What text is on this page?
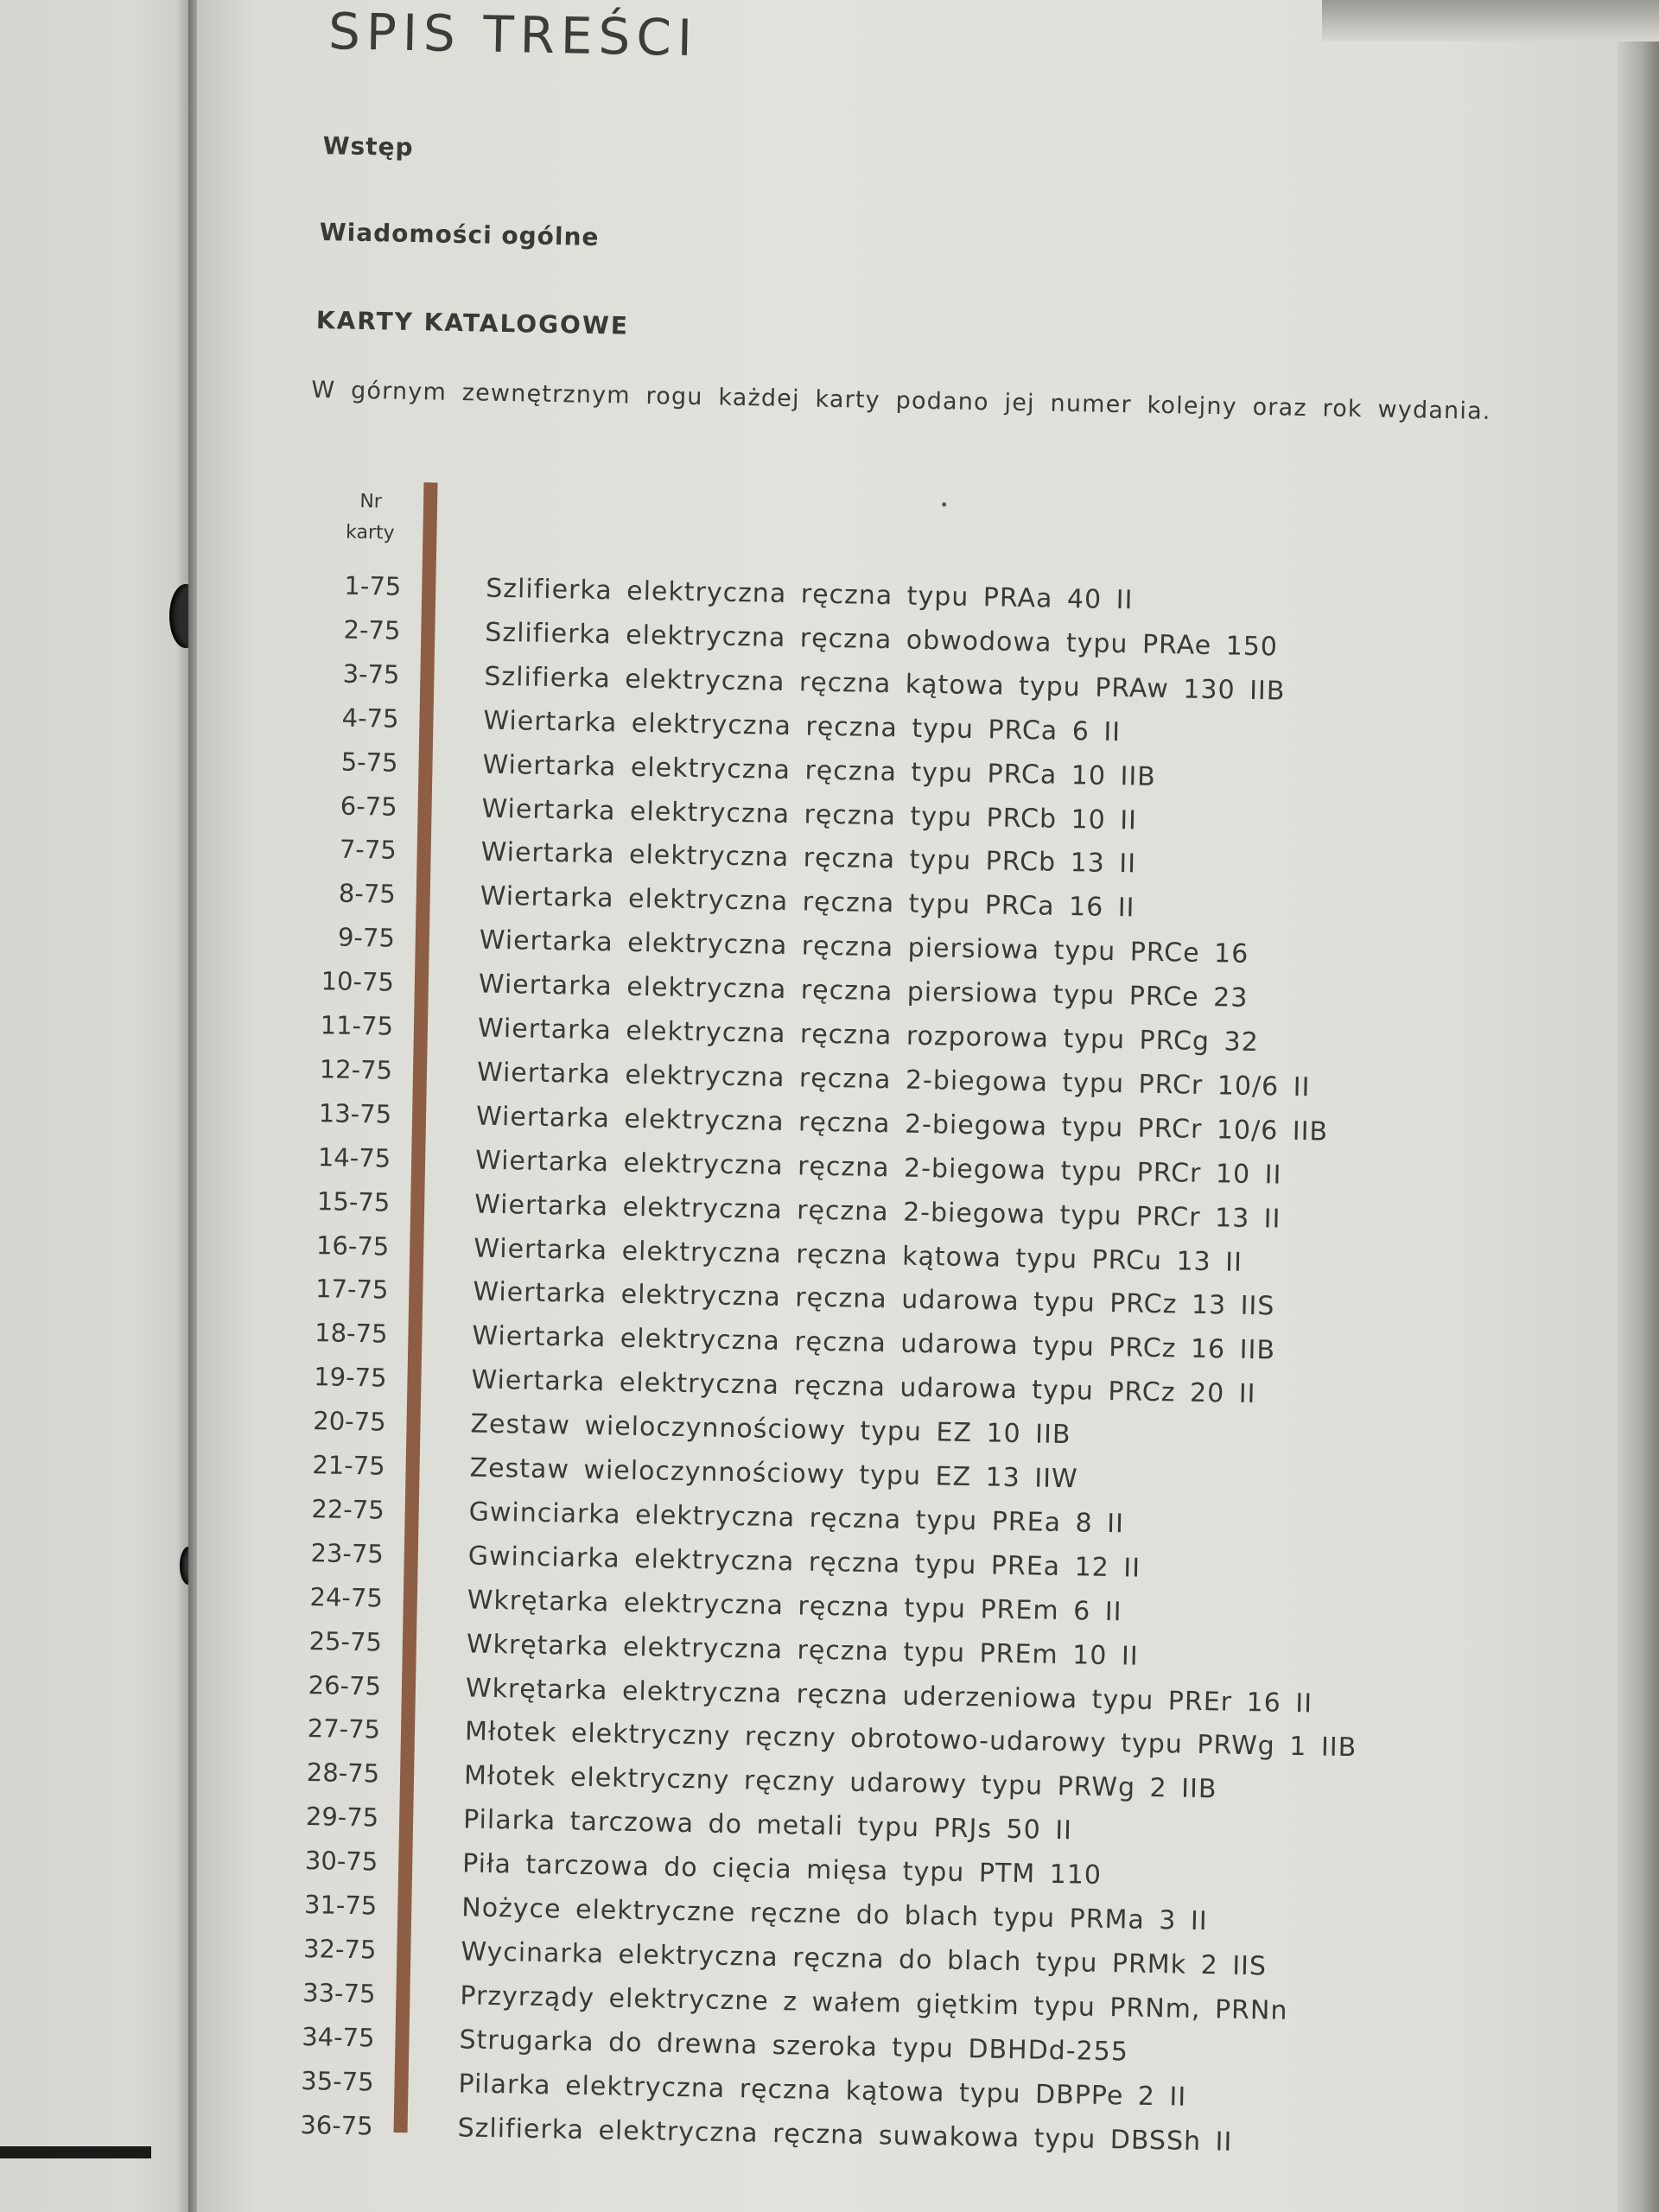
SPIS TREŚCI
Wstęp
Wiadomości ogólne
KARTY KATALOGOWE
W górnym zewnętrznym rogu każdej karty podano jej numer kolejny oraz rok wydania.
Nr
karty
1-75	Szlifierka elektryczna ręczna typu PRAa 40 II
2-75	Szlifierka elektryczna ręczna obwodowa typu PRAe 150
3-75	Szlifierka elektryczna ręczna kątowa typu PRAw 130 IIB
4-75	Wiertarka elektryczna ręczna typu PRCa 6 II
5-75	Wiertarka elektryczna ręczna typu PRCa 10 IIB
6-75	Wiertarka elektryczna ręczna typu PRCb 10 II
7-75	Wiertarka elektryczna ręczna typu PRCb 13 II
8-75	Wiertarka elektryczna ręczna typu PRCa 16 II
9-75	Wiertarka elektryczna ręczna piersiowa typu PRCe 16
10-75	Wiertarka elektryczna ręczna piersiowa typu PRCe 23
11-75	Wiertarka elektryczna ręczna rozporowa typu PRCg 32
12-75	Wiertarka elektryczna ręczna 2-biegowa typu PRCr 10/6 II
13-75	Wiertarka elektryczna ręczna 2-biegowa typu PRCr 10/6 IIB
14-75	Wiertarka elektryczna ręczna 2-biegowa typu PRCr 10 II
15-75	Wiertarka elektryczna ręczna 2-biegowa typu PRCr 13 II
16-75	Wiertarka elektryczna ręczna kątowa typu PRCu 13 II
17-75	Wiertarka elektryczna ręczna udarowa typu PRCz 13 IIS
18-75	Wiertarka elektryczna ręczna udarowa typu PRCz 16 IIB
19-75	Wiertarka elektryczna ręczna udarowa typu PRCz 20 II
20-75	Zestaw wieloczynnościowy typu EZ 10 IIB
21-75	Zestaw wieloczynnościowy typu EZ 13 IIW
22-75	Gwinciarka elektryczna ręczna typu PREa 8 II
23-75	Gwinciarka elektryczna ręczna typu PREa 12 II
24-75	Wkrętarka elektryczna ręczna typu PREm 6 II
25-75	Wkrętarka elektryczna ręczna typu PREm 10 II
26-75	Wkrętarka elektryczna ręczna uderzeniowa typu PREr 16 II
27-75	Młotek elektryczny ręczny obrotowo-udarowy typu PRWg 1 IIB
28-75	Młotek elektryczny ręczny udarowy typu PRWg 2 IIB
29-75	Pilarka tarczowa do metali typu PRJs 50 II
30-75	Piła tarczowa do cięcia mięsa typu PTM 110
31-75	Nożyce elektryczne ręczne do blach typu PRMa 3 II
32-75	Wycinarka elektryczna ręczna do blach typu PRMk 2 IIS
33-75	Przyrządy elektryczne z wałem giętkim typu PRNm, PRNn
34-75	Strugarka do drewna szeroka typu DBHDd-255
35-75	Pilarka elektryczna ręczna kątowa typu DBPPe 2 II
36-75	Szlifierka elektryczna ręczna suwakowa typu DBSSh II
